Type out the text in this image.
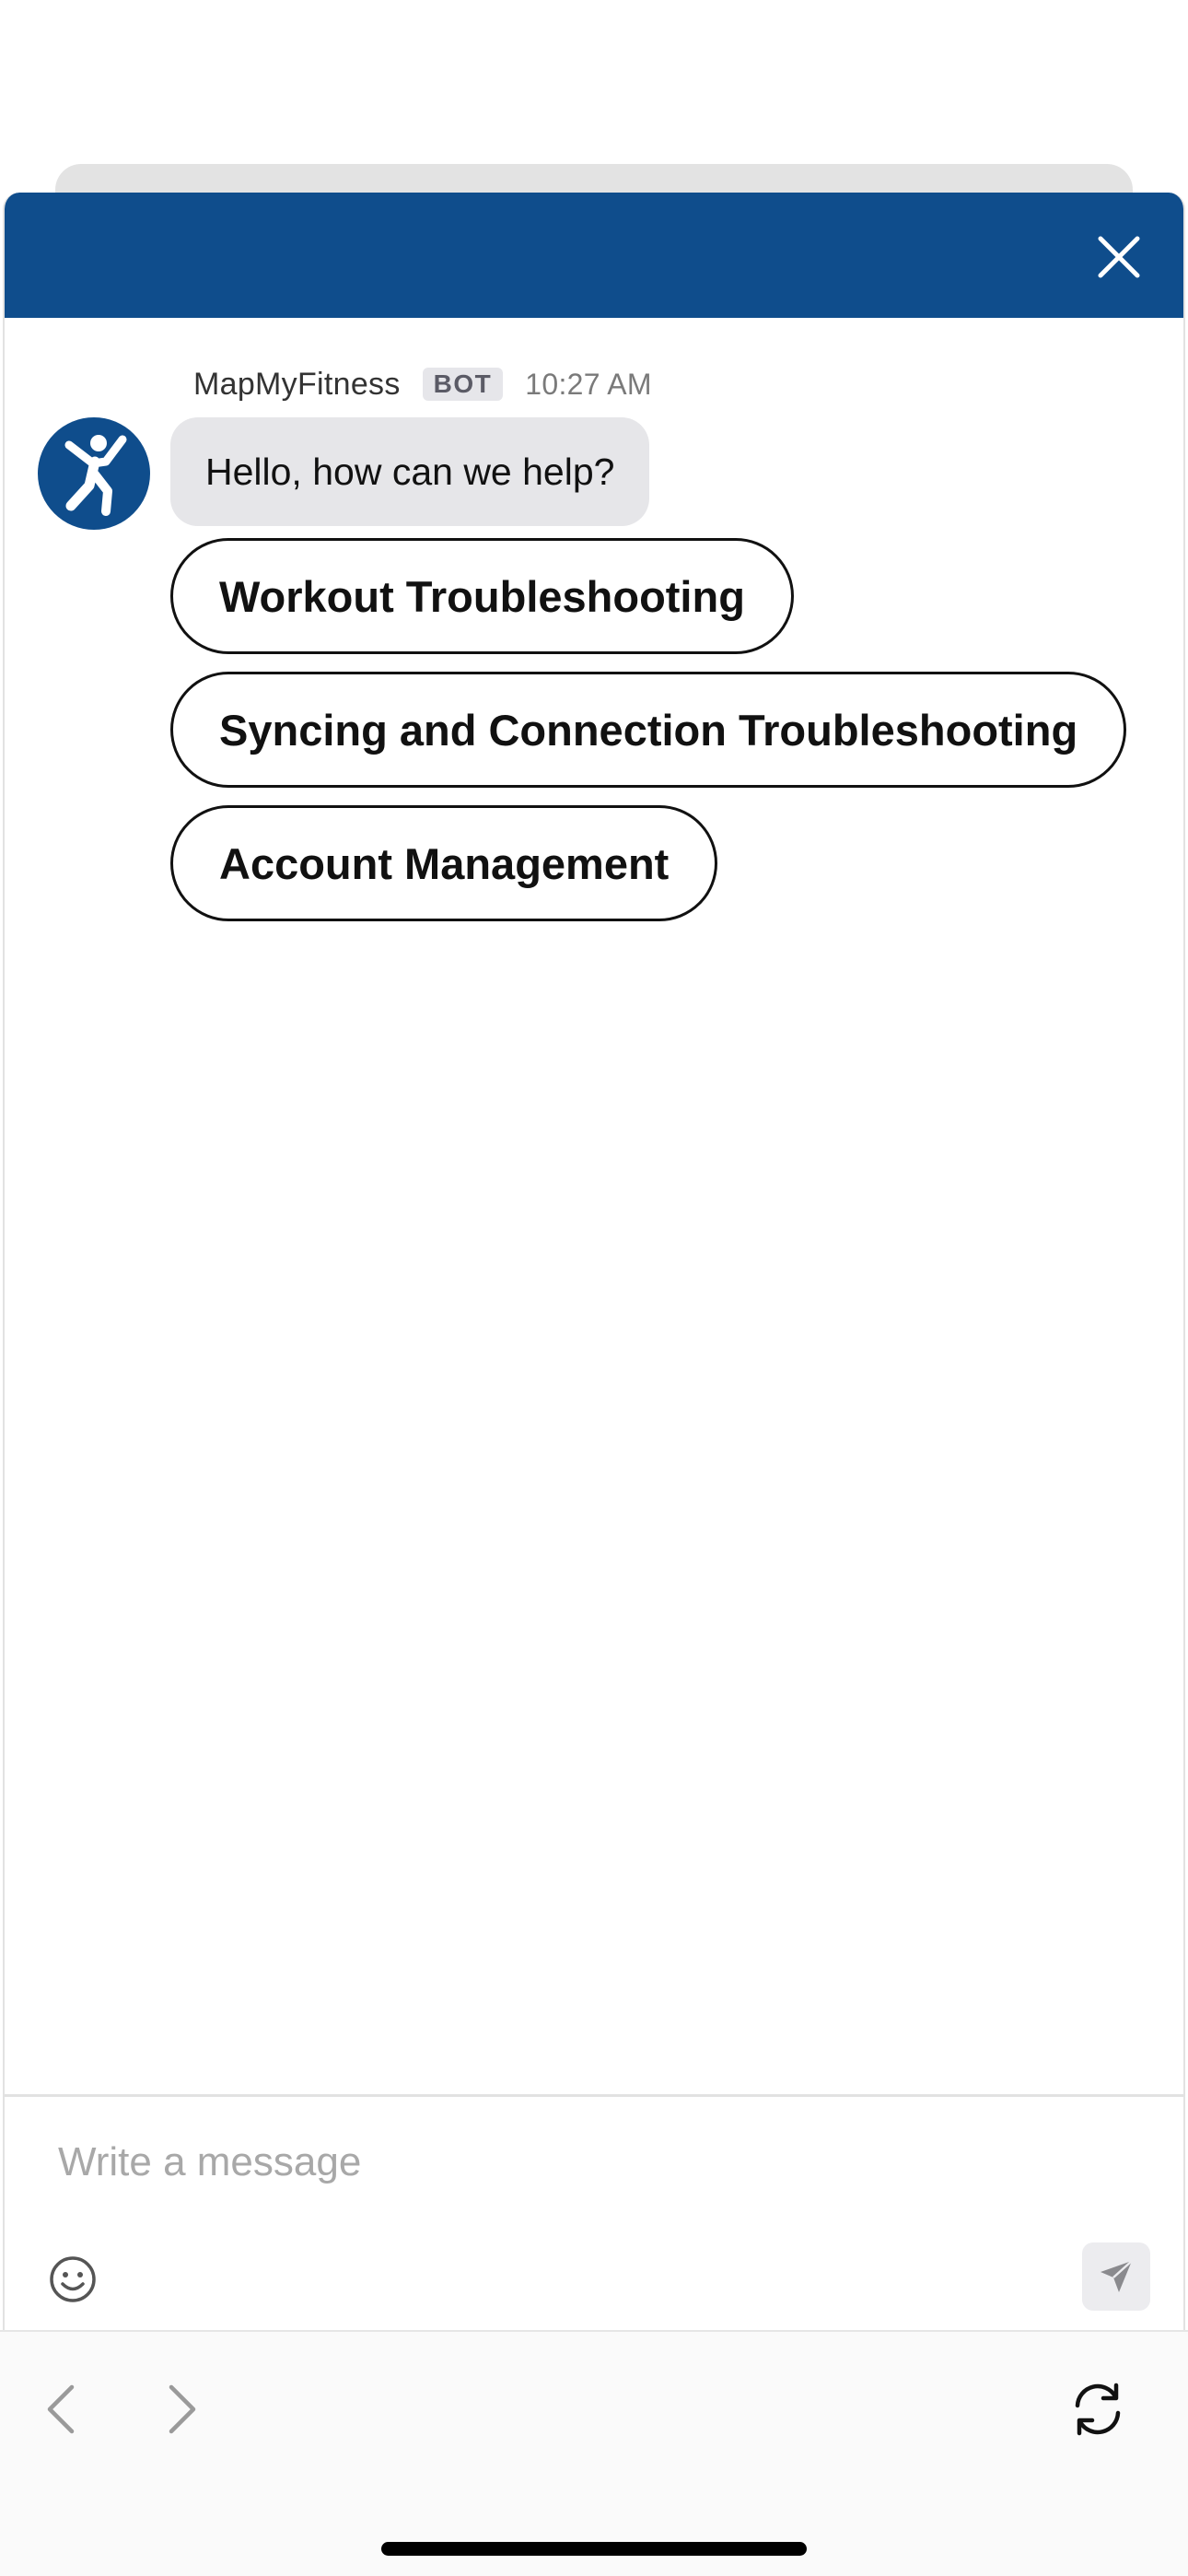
MapMyFitness	BOT	10:27 AM
Hello, how can we help?
Workout Troubleshooting
Syncing and Connection Troubleshooting
Account Management
Write a message
